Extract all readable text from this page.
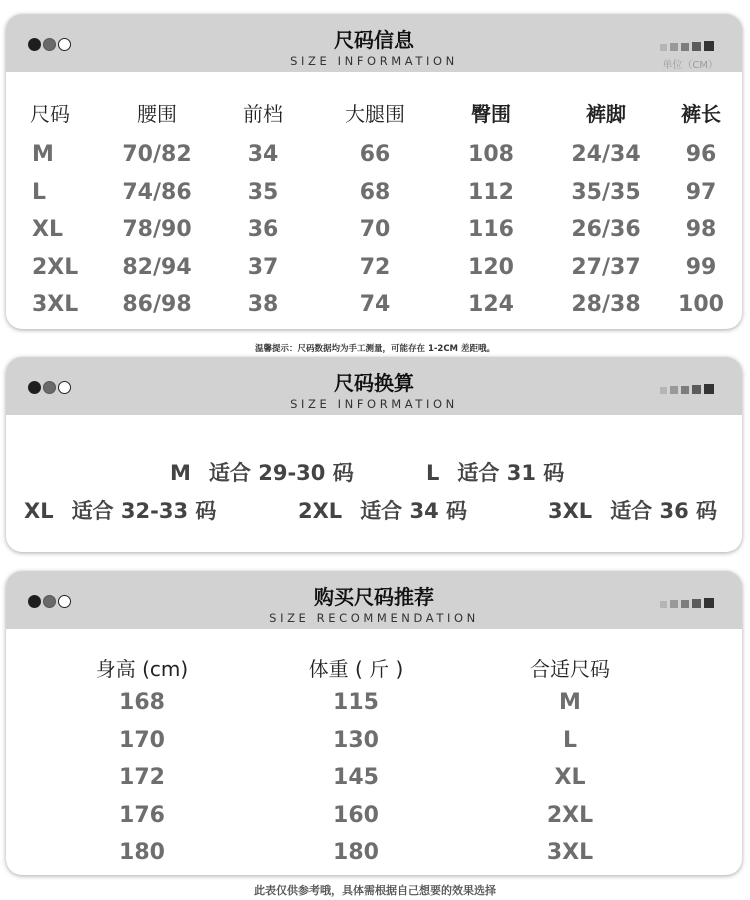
尺码信息
SIZE INFORMATION	单位（CM）
尺码	腰围	前档	大腿围	臀围	裤脚	裤长
M	70/82	34	66	108	24/34	96
L	74/86	35	68	112	35/35	97
XL	78/90	36	70	116	26/36	98
2XL	82/94	37	72	120	27/37	99
3XL	86/98	38	74	124	28/38	100
温馨提示：尺码数据均为手工测量，可能存在 1-2CM 差距哦。
尺码换算
SIZE INFORMATION
M 适合 29-30 码	L 适合 31 码
XL 适合 32-33 码	2XL 适合 34 码	3XL 适合 36 码
购买尺码推荐
SIZE RECOMMENDATION
身高 (cm)	体重 ( 斤 )	合适尺码
168	115	M
170	130	L
172	145	XL
176	160	2XL
180	180	3XL
此表仅供参考哦，具体需根据自己想要的效果选择
